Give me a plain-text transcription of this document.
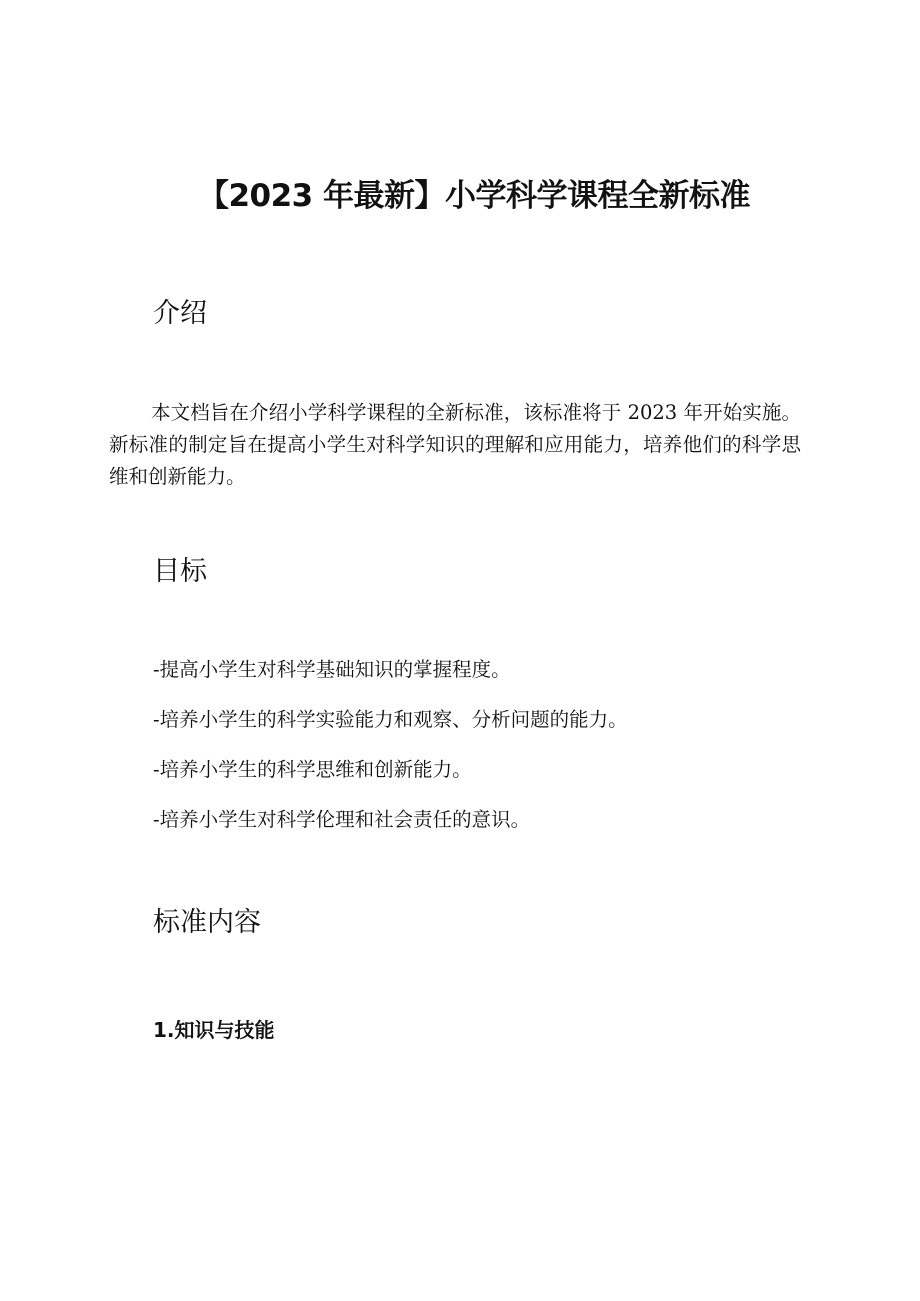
【2023 年最新】小学科学课程全新标准
介绍

本文档旨在介绍小学科学课程的全新标准，该标准将于 2023 年开始实施。新标准的制定旨在提高小学生对科学知识的理解和应用能力，培养他们的科学思维和创新能力。

目标
-提高小学生对科学基础知识的掌握程度。
-培养小学生的科学实验能力和观察、分析问题的能力。
-培养小学生的科学思维和创新能力。
-培养小学生对科学伦理和社会责任的意识。
标准内容
1.知识与技能
